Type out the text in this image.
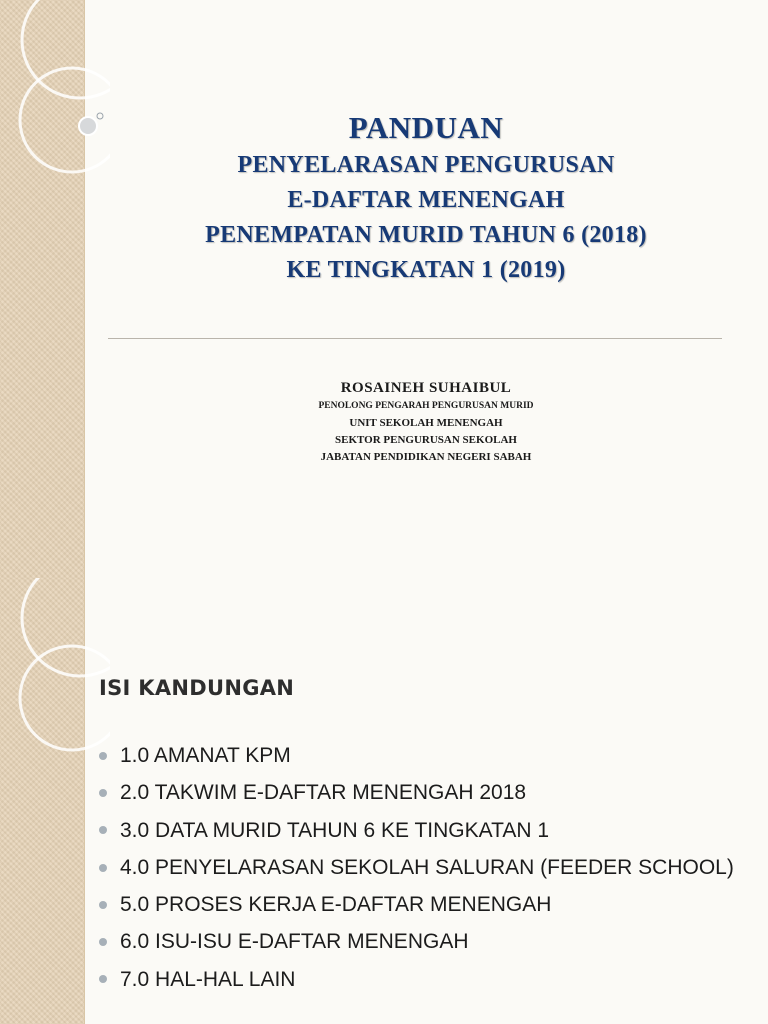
PANDUAN
PENYELARASAN PENGURUSAN
E-DAFTAR MENENGAH
PENEMPATAN MURID TAHUN 6 (2018)
KE TINGKATAN 1 (2019)
ROSAINEH SUHAIBUL
PENOLONG PENGARAH PENGURUSAN MURID
UNIT SEKOLAH MENENGAH
SEKTOR PENGURUSAN SEKOLAH
JABATAN PENDIDIKAN NEGERI SABAH
ISI KANDUNGAN
1.0 AMANAT KPM
2.0 TAKWIM E-DAFTAR MENENGAH 2018
3.0 DATA MURID TAHUN 6 KE TINGKATAN 1
4.0 PENYELARASAN SEKOLAH SALURAN (FEEDER SCHOOL)
5.0 PROSES KERJA E-DAFTAR MENENGAH
6.0 ISU-ISU E-DAFTAR MENENGAH
7.0 HAL-HAL LAIN
